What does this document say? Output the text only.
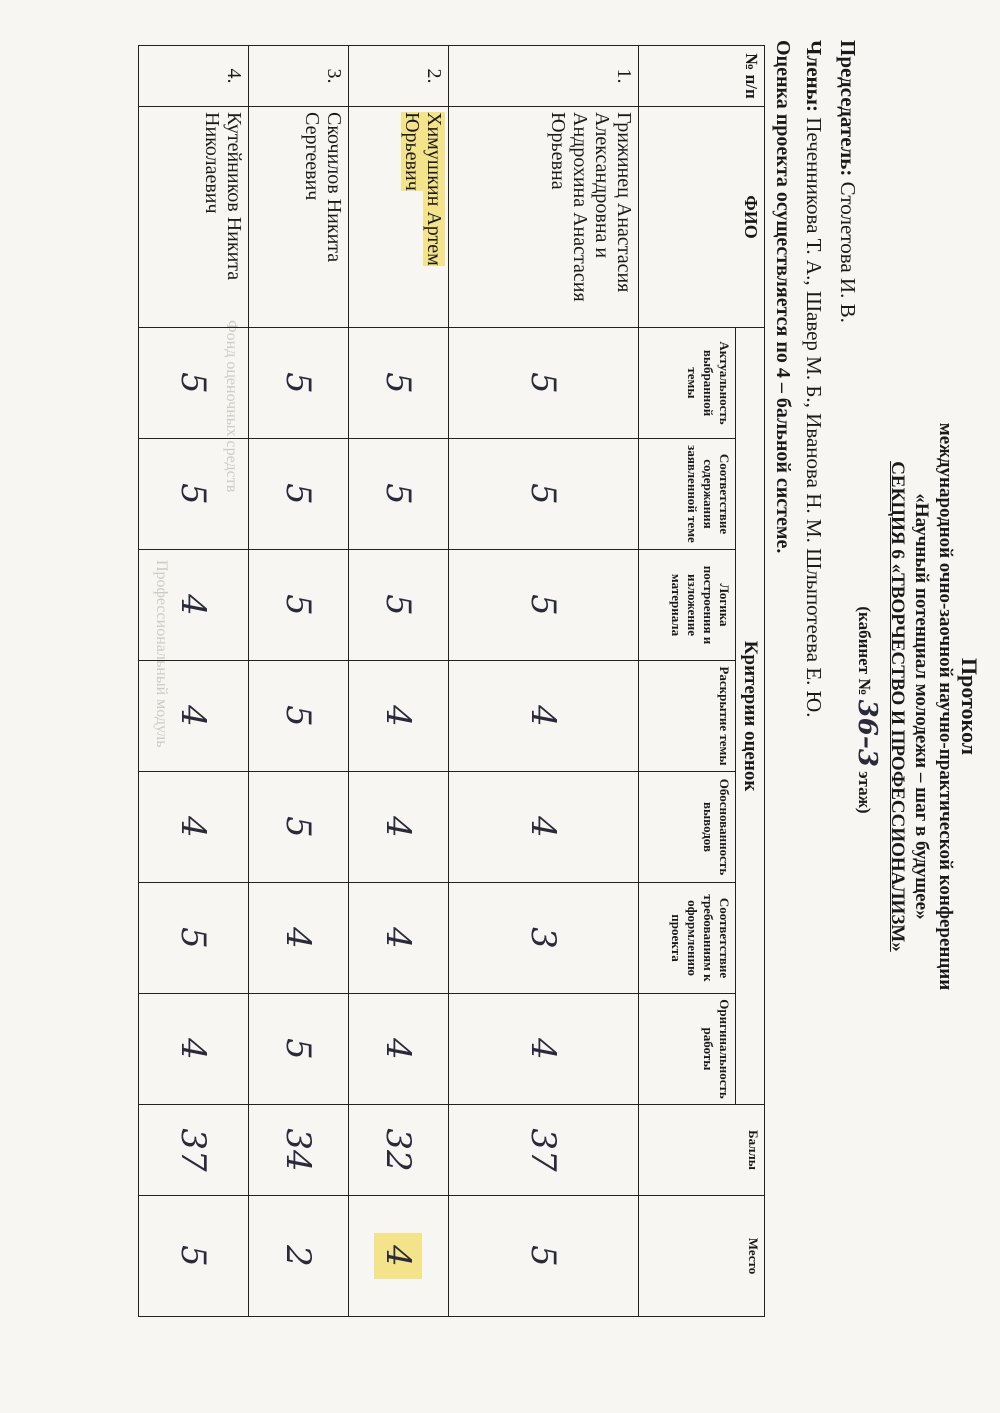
Фонд оценочных средств
Профессиональный модуль	Протокол
международной очно-заочной научно-практической конференции
«Научный потенциал молодежи – шаг в будущее»
СЕКЦИЯ 6 «ТВОРЧЕСТВО И ПРОФЕССИОНАЛИЗМ»
(кабинет № 36–3 этаж)
Председатель: Столетова И. В.
Члены: Печенникова Т. А., Шавер М. Б., Иванова Н. М. Шлыпотеева Е. Ю.
Оценка проекта осуществляется по 4 – бальной системе.
№ п/п	ФИО	Критерии оценок							Баллы	Место
		Актуальность выбранной темы	Соответствие содержания заявленной теме	Логика построения и изложение материала	Раскрытие темы	Обоснованность выводов	Соответствие требованиям к оформлению проекта	Оригинальность работы		
1.	Грижинец Анастасия Александровна и Андрохина Анастасия Юрьевна	5	5	5	4	4	3	4	37	5
2.	Химушкин Артем Юрьевич	5	5	5	4	4	4	4	32	4
3.	Скочилов Никита Сергеевич	5	5	5	5	5	4	5	34	2
4.	Кутейников Никита Николаевич	5	5	4	4	4	5	4	37	5
